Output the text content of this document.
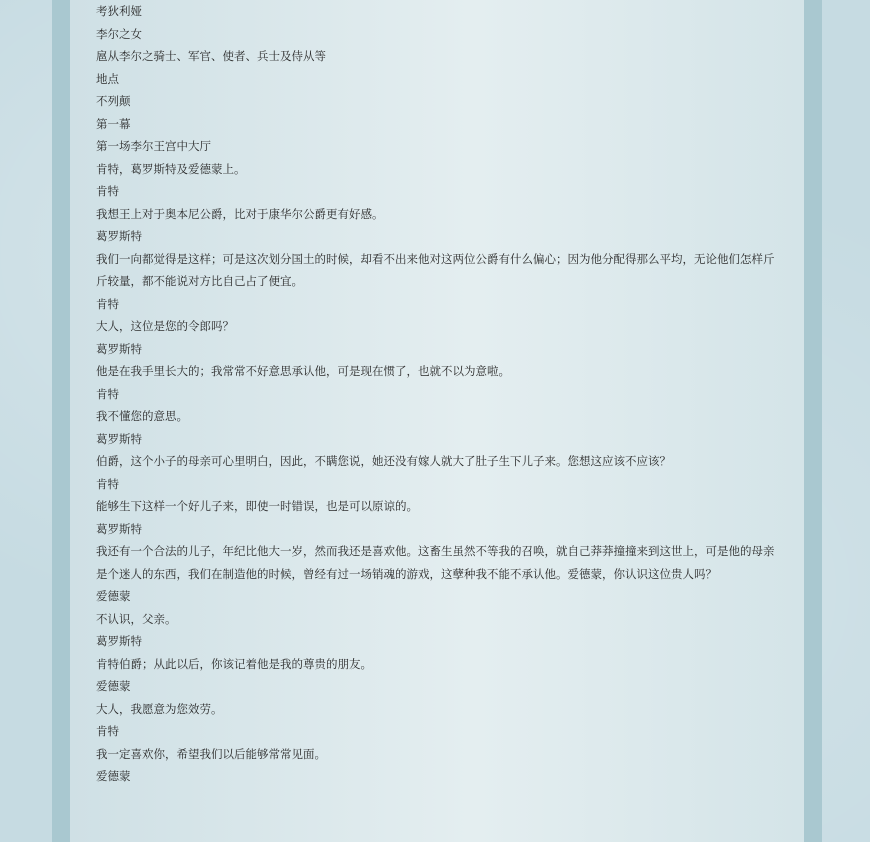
考狄利娅
李尔之女
扈从李尔之骑士、军官、使者、兵士及侍从等
地点
不列颠
第一幕
第一场李尔王宫中大厅
肯特，葛罗斯特及爱德蒙上。
肯特
我想王上对于奥本尼公爵，比对于康华尔公爵更有好感。
葛罗斯特
我们一向都觉得是这样；可是这次划分国土的时候，却看不出来他对这两位公爵有什么偏心；因为他分配得那么平均，无论他们怎样斤斤较量，都不能说对方比自己占了便宜。
肯特
大人，这位是您的令郎吗？
葛罗斯特
他是在我手里长大的；我常常不好意思承认他，可是现在惯了，也就不以为意啦。
肯特
我不懂您的意思。
葛罗斯特
伯爵，这个小子的母亲可心里明白，因此，不瞒您说，她还没有嫁人就大了肚子生下儿子来。您想这应该不应该？
肯特
能够生下这样一个好儿子来，即使一时错误，也是可以原谅的。
葛罗斯特
我还有一个合法的儿子，年纪比他大一岁，然而我还是喜欢他。这畜生虽然不等我的召唤，就自己莽莽撞撞来到这世上，可是他的母亲是个迷人的东西，我们在制造他的时候，曾经有过一场销魂的游戏，这孽种我不能不承认他。爱德蒙，你认识这位贵人吗？
爱德蒙
不认识，父亲。
葛罗斯特
肯特伯爵；从此以后，你该记着他是我的尊贵的朋友。
爱德蒙
大人，我愿意为您效劳。
肯特
我一定喜欢你，希望我们以后能够常常见面。
爱德蒙
